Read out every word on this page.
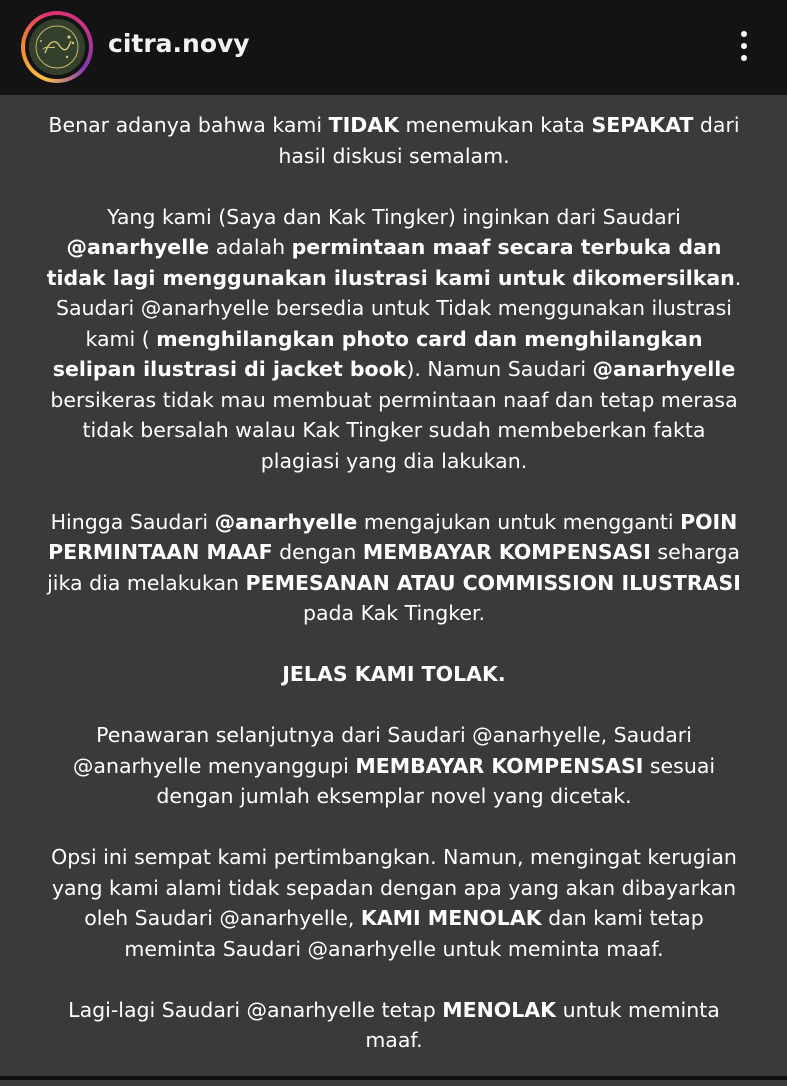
citra.novy

Benar adanya bahwa kami TIDAK menemukan kata SEPAKAT dari hasil diskusi semalam.

Yang kami (Saya dan Kak Tingker) inginkan dari Saudari @anarhyelle adalah permintaan maaf secara terbuka dan tidak lagi menggunakan ilustrasi kami untuk dikomersilkan. Saudari @anarhyelle bersedia untuk Tidak menggunakan ilustrasi kami ( menghilangkan photo card dan menghilangkan selipan ilustrasi di jacket book). Namun Saudari @anarhyelle bersikeras tidak mau membuat permintaan naaf dan tetap merasa tidak bersalah walau Kak Tingker sudah membeberkan fakta plagiasi yang dia lakukan.

Hingga Saudari @anarhyelle mengajukan untuk mengganti POIN PERMINTAAN MAAF dengan MEMBAYAR KOMPENSASI seharga jika dia melakukan PEMESANAN ATAU COMMISSION ILUSTRASI pada Kak Tingker.

JELAS KAMI TOLAK.

Penawaran selanjutnya dari Saudari @anarhyelle, Saudari @anarhyelle menyanggupi MEMBAYAR KOMPENSASI sesuai dengan jumlah eksemplar novel yang dicetak.

Opsi ini sempat kami pertimbangkan. Namun, mengingat kerugian yang kami alami tidak sepadan dengan apa yang akan dibayarkan oleh Saudari @anarhyelle, KAMI MENOLAK dan kami tetap meminta Saudari @anarhyelle untuk meminta maaf.

Lagi-lagi Saudari @anarhyelle tetap MENOLAK untuk meminta maaf.
